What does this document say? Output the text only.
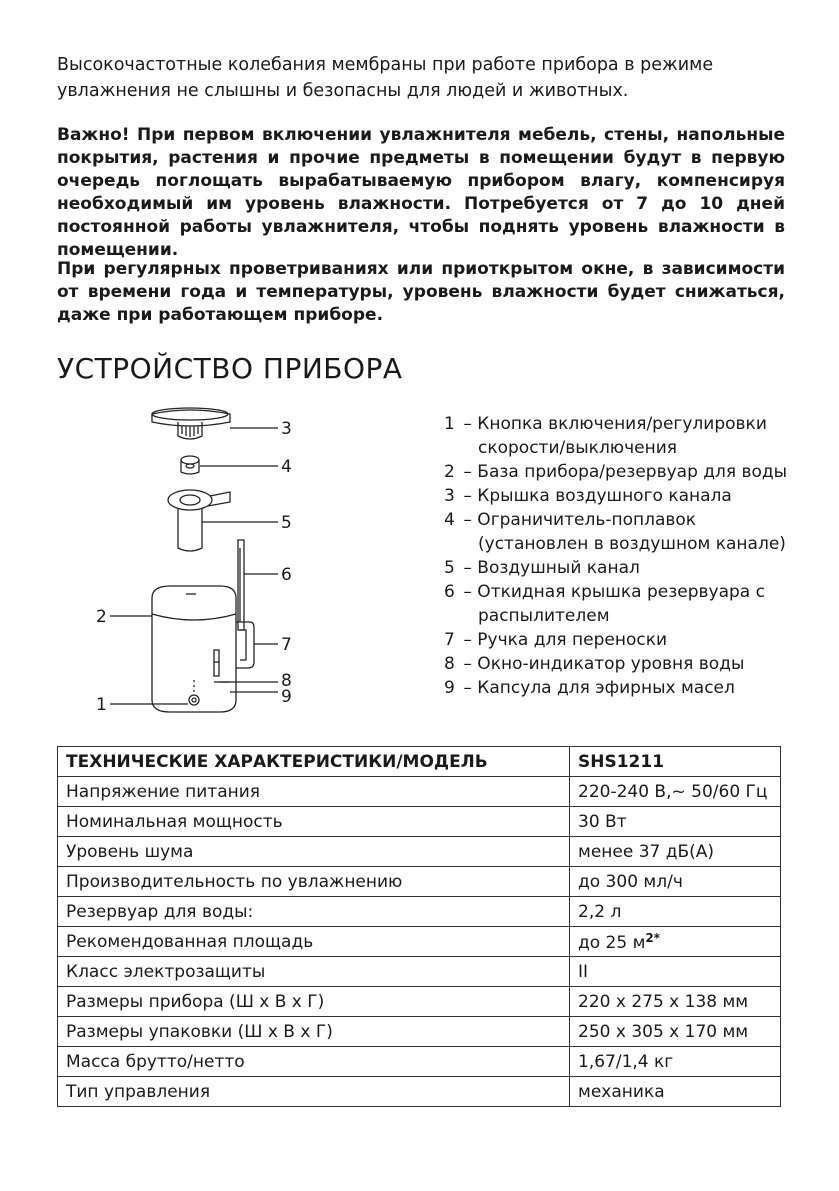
Высокочастотные колебания мембраны при работе прибора в режиме увлажнения не слышны и безопасны для людей и животных.

Важно! При первом включении увлажнителя мебель, стены, напольные покрытия, растения и прочие предметы в помещении будут в первую очередь поглощать вырабатываемую прибором влагу, компенсируя необходимый им уровень влажности. Потребуется от 7 до 10 дней постоянной работы увлажнителя, чтобы поднять уровень влажности в помещении.

При регулярных проветриваниях или приоткрытом окне, в зависимости от времени года и температуры, уровень влажности будет снижаться, даже при работающем приборе.

УСТРОЙСТВО ПРИБОРА
3
4
5
6
2
7
8
9
1
1 – Кнопка включения/регулировки
скорости/выключения
2 – База прибора/резервуар для воды
3 – Крышка воздушного канала
4 – Ограничитель-поплавок
(установлен в воздушном канале)
5 – Воздушный канал
6 – Откидная крышка резервуара с
распылителем
7 – Ручка для переноски
8 – Окно-индикатор уровня воды
9 – Капсула для эфирных масел
ТЕХНИЧЕСКИЕ ХАРАКТЕРИСТИКИ/МОДЕЛЬ	SHS1211
Напряжение питания	220-240 В,~ 50/60 Гц
Номинальная мощность	30 Вт
Уровень шума	менее 37 дБ(А)
Производительность по увлажнению	до 300 мл/ч
Резервуар для воды:	2,2 л
Рекомендованная площадь	до 25 $м^{2*}$
Класс электрозащиты	II
Размеры прибора (Ш х В х Г)	220 х 275 х 138 мм
Размеры упаковки (Ш х В х Г)	250 х 305 х 170 мм
Масса брутто/нетто	1,67/1,4 кг
Тип управления	механика
